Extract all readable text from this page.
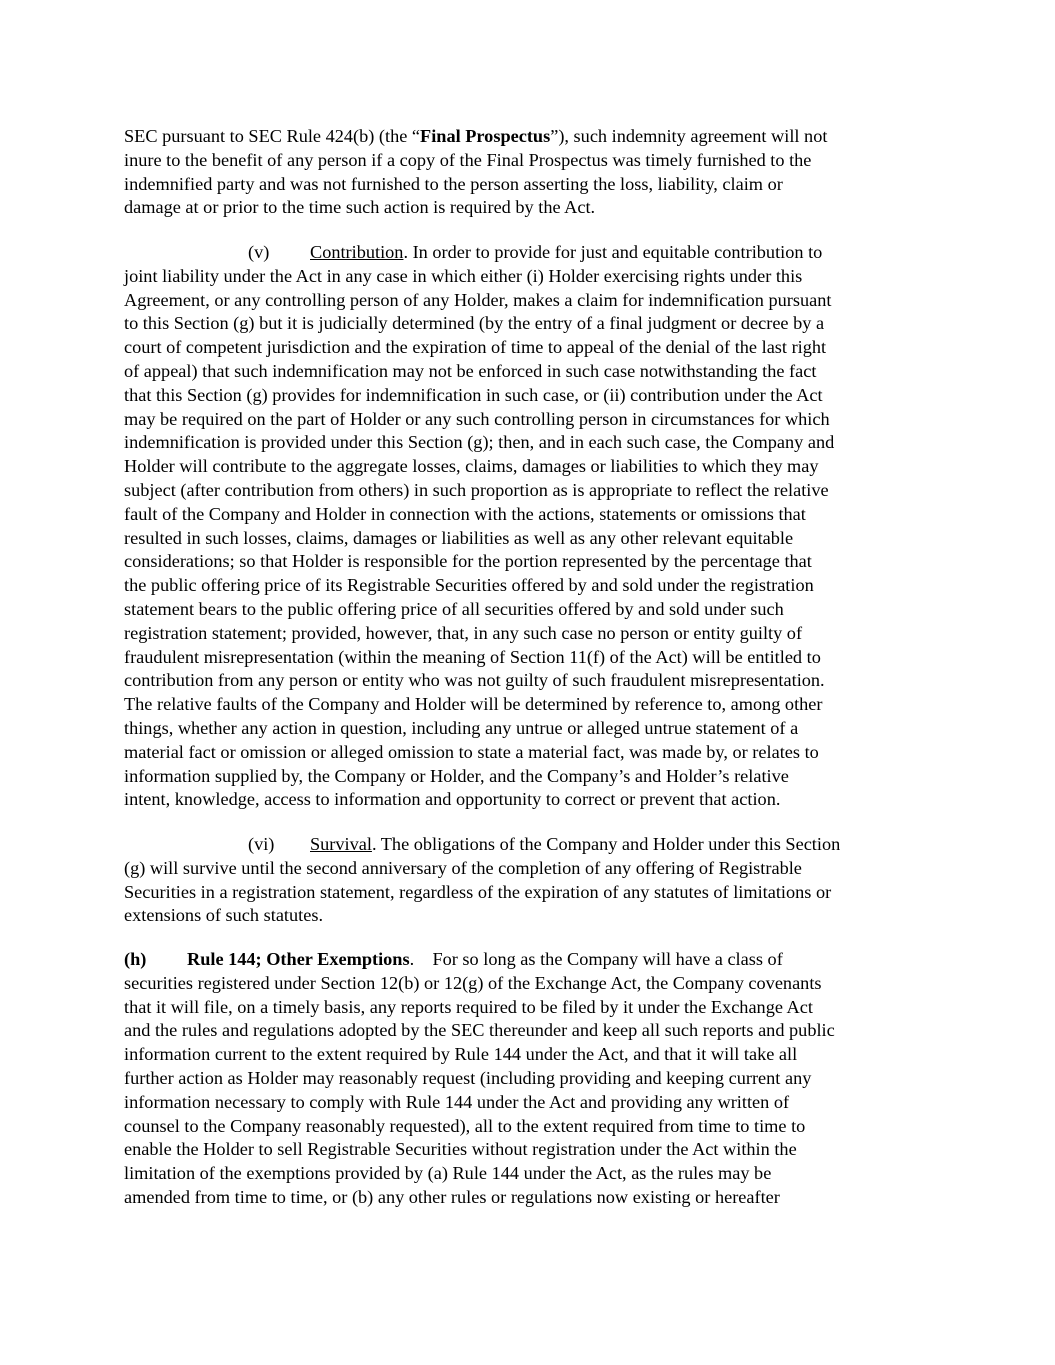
SEC pursuant to SEC Rule 424(b) (the “Final Prospectus”), such indemnity agreement will not
inure to the benefit of any person if a copy of the Final Prospectus was timely furnished to the
indemnified party and was not furnished to the person asserting the loss, liability, claim or
damage at or prior to the time such action is required by the Act.
(v) Contribution. In order to provide for just and equitable contribution to
joint liability under the Act in any case in which either (i) Holder exercising rights under this
Agreement, or any controlling person of any Holder, makes a claim for indemnification pursuant
to this Section (g) but it is judicially determined (by the entry of a final judgment or decree by a
court of competent jurisdiction and the expiration of time to appeal of the denial of the last right
of appeal) that such indemnification may not be enforced in such case notwithstanding the fact
that this Section (g) provides for indemnification in such case, or (ii) contribution under the Act
may be required on the part of Holder or any such controlling person in circumstances for which
indemnification is provided under this Section (g); then, and in each such case, the Company and
Holder will contribute to the aggregate losses, claims, damages or liabilities to which they may
subject (after contribution from others) in such proportion as is appropriate to reflect the relative
fault of the Company and Holder in connection with the actions, statements or omissions that
resulted in such losses, claims, damages or liabilities as well as any other relevant equitable
considerations; so that Holder is responsible for the portion represented by the percentage that
the public offering price of its Registrable Securities offered by and sold under the registration
statement bears to the public offering price of all securities offered by and sold under such
registration statement; provided, however, that, in any such case no person or entity guilty of
fraudulent misrepresentation (within the meaning of Section 11(f) of the Act) will be entitled to
contribution from any person or entity who was not guilty of such fraudulent misrepresentation.
The relative faults of the Company and Holder will be determined by reference to, among other
things, whether any action in question, including any untrue or alleged untrue statement of a
material fact or omission or alleged omission to state a material fact, was made by, or relates to
information supplied by, the Company or Holder, and the Company’s and Holder’s relative
intent, knowledge, access to information and opportunity to correct or prevent that action.
(vi) Survival. The obligations of the Company and Holder under this Section
(g) will survive until the second anniversary of the completion of any offering of Registrable
Securities in a registration statement, regardless of the expiration of any statutes of limitations or
extensions of such statutes.
(h) Rule 144; Other Exemptions.    For so long as the Company will have a class of
securities registered under Section 12(b) or 12(g) of the Exchange Act, the Company covenants
that it will file, on a timely basis, any reports required to be filed by it under the Exchange Act
and the rules and regulations adopted by the SEC thereunder and keep all such reports and public
information current to the extent required by Rule 144 under the Act, and that it will take all
further action as Holder may reasonably request (including providing and keeping current any
information necessary to comply with Rule 144 under the Act and providing any written of
counsel to the Company reasonably requested), all to the extent required from time to time to
enable the Holder to sell Registrable Securities without registration under the Act within the
limitation of the exemptions provided by (a) Rule 144 under the Act, as the rules may be
amended from time to time, or (b) any other rules or regulations now existing or hereafter
